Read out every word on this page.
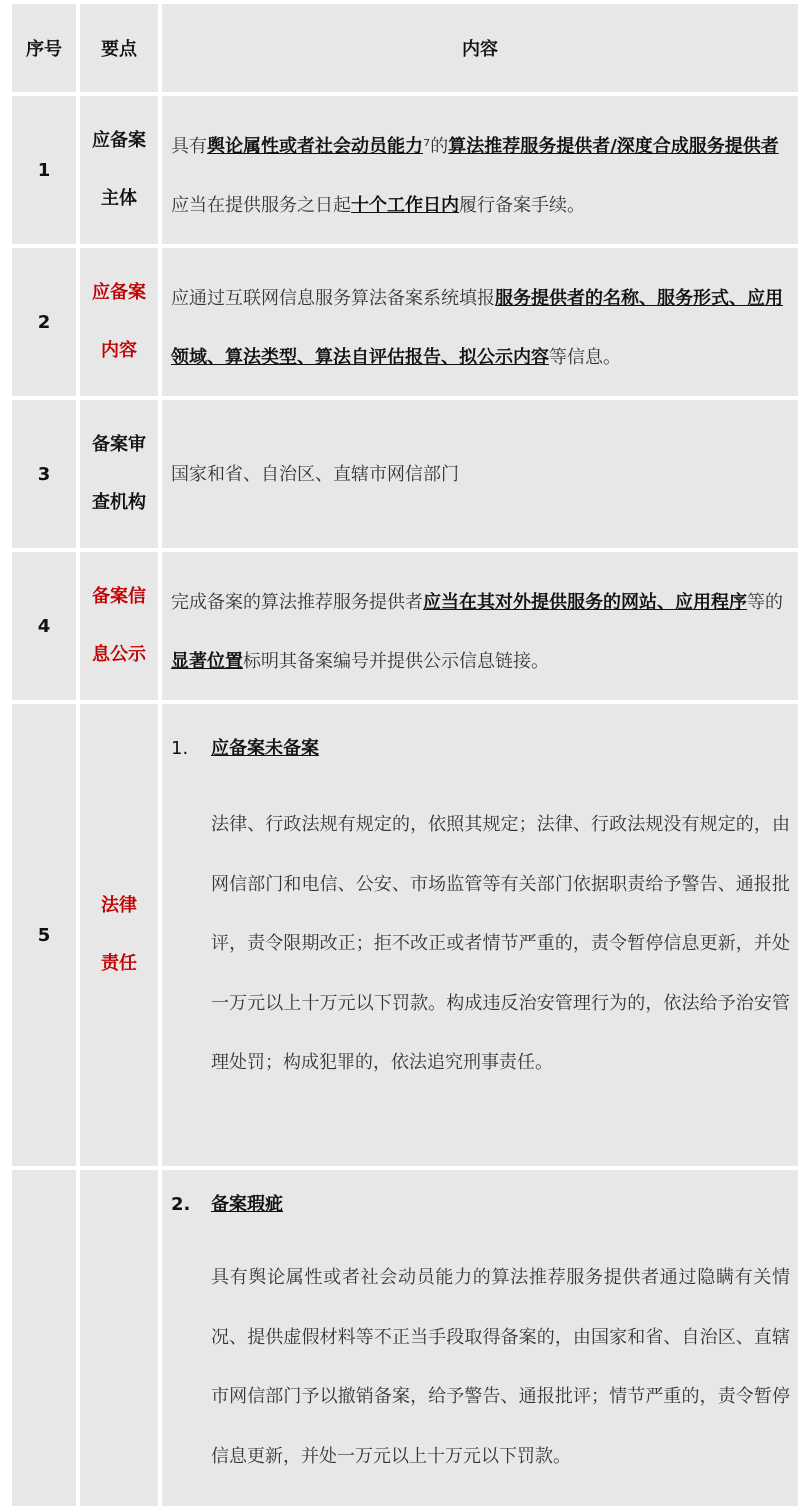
序号	要点	内容
1
应备案
主体

具有舆论属性或者社会动员能力⁷的算法推荐服务提供者/深度合成服务提供者应当在提供服务之日起十个工作日内履行备案手续。

2
应备案
内容

应通过互联网信息服务算法备案系统填报服务提供者的名称、服务形式、应用领域、算法类型、算法自评估报告、拟公示内容等信息。

3
备案审
查机构

国家和省、自治区、直辖市网信部门

4
备案信
息公示

完成备案的算法推荐服务提供者应当在其对外提供服务的网站、应用程序等的显著位置标明其备案编号并提供公示信息链接。

5
法律
责任
1. 应备案未备案
法律、行政法规有规定的，依照其规定；法律、行政法规没有规定的，由网信部门和电信、公安、市场监管等有关部门依据职责给予警告、通报批评，责令限期改正；拒不改正或者情节严重的，责令暂停信息更新，并处一万元以上十万元以下罚款。构成违反治安管理行为的，依法给予治安管理处罚；构成犯罪的，依法追究刑事责任。
2. 备案瑕疵
具有舆论属性或者社会动员能力的算法推荐服务提供者通过隐瞒有关情况、提供虚假材料等不正当手段取得备案的，由国家和省、自治区、直辖市网信部门予以撤销备案，给予警告、通报批评；情节严重的，责令暂停信息更新，并处一万元以上十万元以下罚款。
